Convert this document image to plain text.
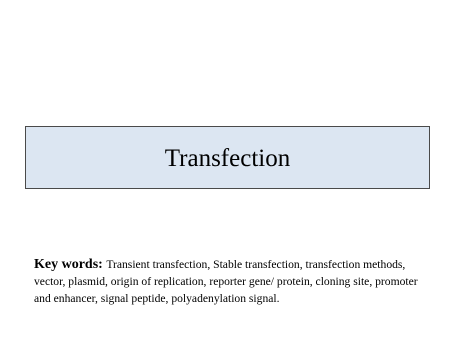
Transfection
Key words: Transient transfection, Stable transfection, transfection methods, vector, plasmid, origin of replication, reporter gene/ protein, cloning site, promoter and enhancer, signal peptide, polyadenylation signal.
